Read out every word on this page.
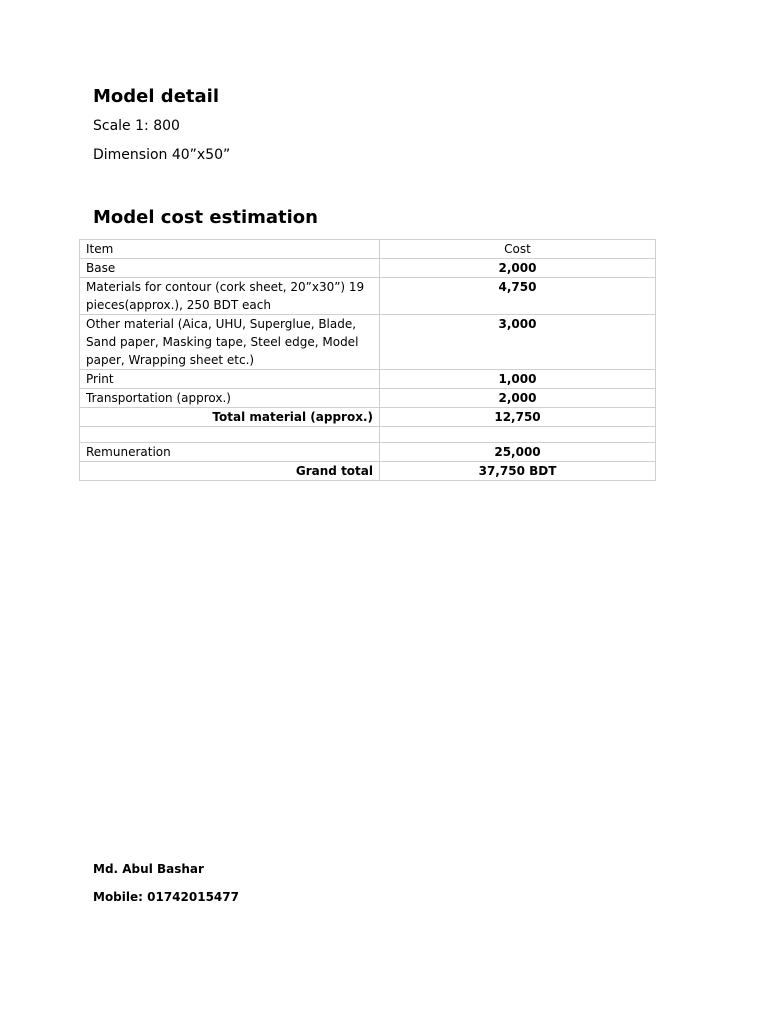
Model detail
Scale 1: 800
Dimension 40”x50”
Model cost estimation
Item	Cost
Base	2,000
Materials for contour (cork sheet, 20”x30”) 19 pieces(approx.), 250 BDT each	4,750
Other material (Aica, UHU, Superglue, Blade, Sand paper, Masking tape, Steel edge, Model paper, Wrapping sheet etc.)	3,000
Print	1,000
Transportation (approx.)	2,000
Total material (approx.)	12,750

Remuneration	25,000
Grand total	37,750 BDT
Md. Abul Bashar
Mobile: 01742015477
